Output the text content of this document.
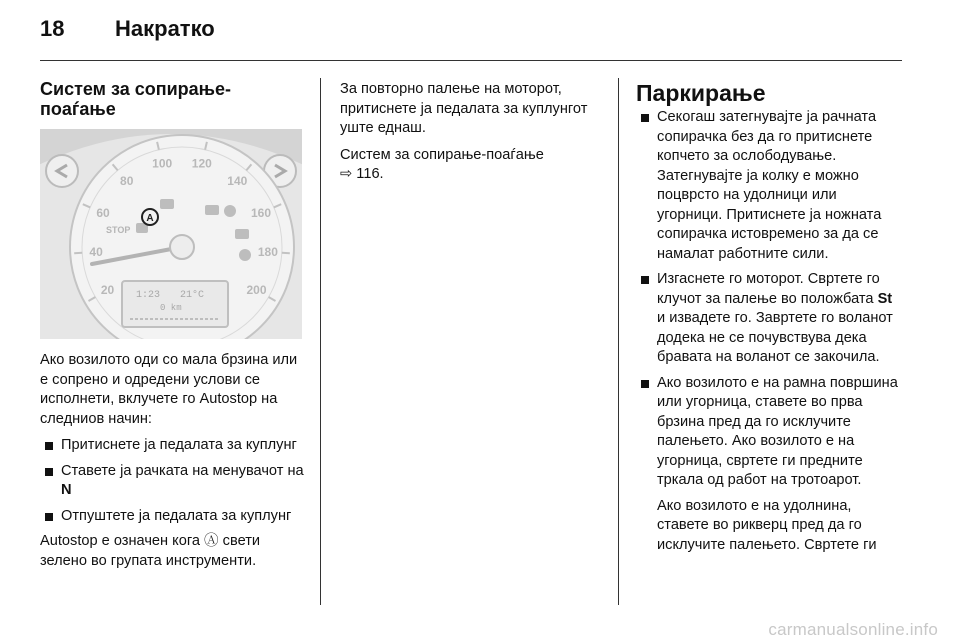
18 Накратко
Систем за сопирање-поаѓање
20
40
60
80
100 120
140
160
180
200
STOP
A
1:23 21°C
0 km

Ако возилото оди со мала брзина или е сопрено и одредени услови се исполнети, вклучете го Autostop на следниов начин:

Притиснете ја педалата за куплунг
Ставете ја рачката на менувачот на N
Отпуштете ја педалата за куплунг

Autostop е означен кога Ⓐ свети зелено во групата инструменти.

За повторно палење на моторот, притиснете ја педалата за куплунгот уште еднаш.

Систем за сопирање-поаѓање
⇨ 116.

Паркирање
Секогаш затегнувајте ја рачната сопирачка без да го притиснете копчето за ослободување. Затегнувајте ја колку е можно поцврсто на удолници или угорници. Притиснете ја ножната сопирачка истовремено за да се намалат работните сили.
Изгаснете го моторот. Свртете го клучот за палење во положбата St и извадете го. Завртете го воланот додека не се почувствува дека бравата на воланот се закочила.
Ако возилото е на рамна површина или угорница, ставете во прва брзина пред да го исклучите палењето. Ако возилото е на угорница, свртете ги предните тркала од работ на тротоарот.
Ако возилото е на удолнина, ставете во рикверц пред да го исклучите палењето. Свртете ги
carmanualsonline.info
